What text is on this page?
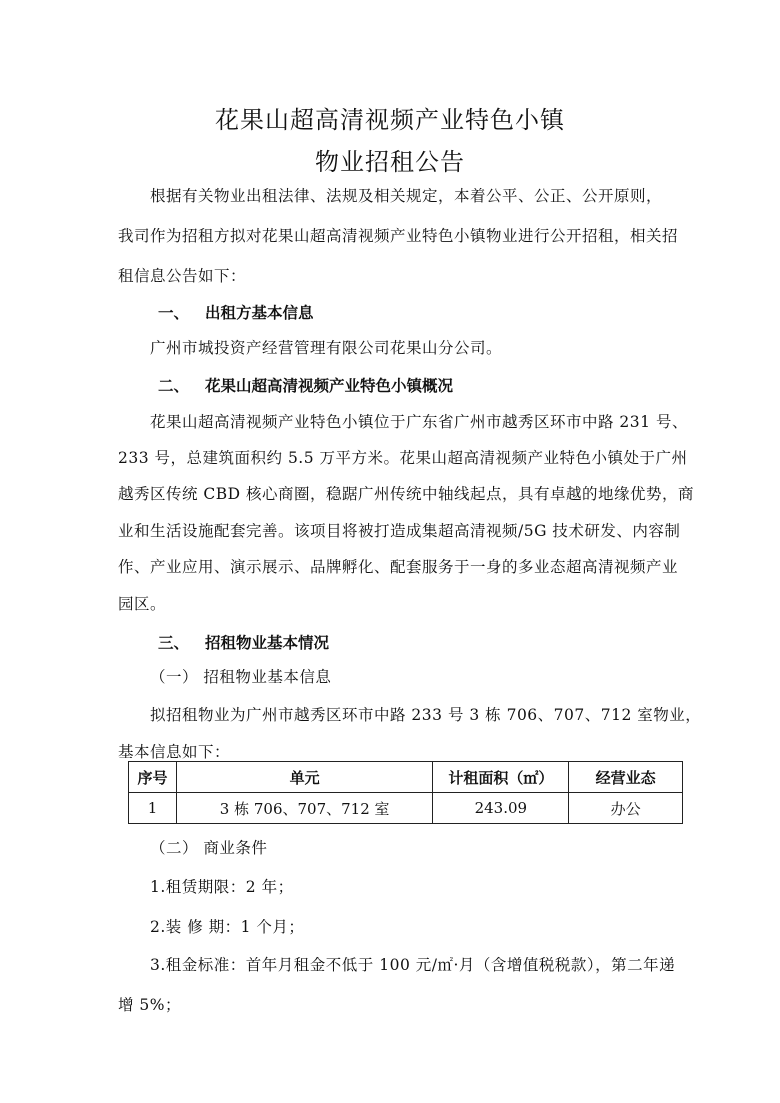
花果山超高清视频产业特色小镇
物业招租公告
根据有关物业出租法律、法规及相关规定，本着公平、公正、公开原则，
我司作为招租方拟对花果山超高清视频产业特色小镇物业进行公开招租，相关招
租信息公告如下：
一、 出租方基本信息
广州市城投资产经营管理有限公司花果山分公司。
二、 花果山超高清视频产业特色小镇概况
花果山超高清视频产业特色小镇位于广东省广州市越秀区环市中路 231 号、
233 号，总建筑面积约 5.5 万平方米。花果山超高清视频产业特色小镇处于广州
越秀区传统 CBD 核心商圈，稳踞广州传统中轴线起点，具有卓越的地缘优势，商
业和生活设施配套完善。该项目将被打造成集超高清视频/5G 技术研发、内容制
作、产业应用、演示展示、品牌孵化、配套服务于一身的多业态超高清视频产业
园区。
三、 招租物业基本情况
（一） 招租物业基本信息
拟招租物业为广州市越秀区环市中路 233 号 3 栋 706、707、712 室物业，
基本信息如下：
序号	单元	计租面积（㎡）	经营业态
1	3 栋 706、707、712 室	243.09	办公
（二） 商业条件
1.租赁期限：2 年；
2.装 修 期：1 个月；
3.租金标准：首年月租金不低于 100 元/㎡·月（含增值税税款），第二年递
增 5%；
